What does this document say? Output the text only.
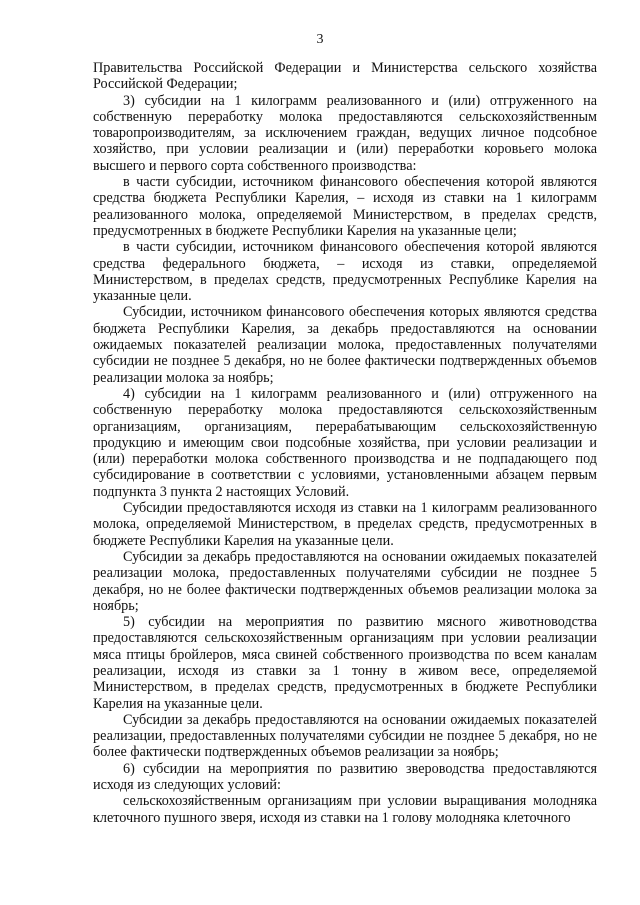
3

Правительства Российской Федерации и Министерства сельского хозяйства Российской Федерации;

3) субсидии на 1 килограмм реализованного и (или) отгруженного на собственную переработку молока предоставляются сельскохозяйственным товаропроизводителям, за исключением граждан, ведущих личное подсобное хозяйство, при условии реализации и (или) переработки коровьего молока высшего и первого сорта собственного производства:

в части субсидии, источником финансового обеспечения которой являются средства бюджета Республики Карелия, – исходя из ставки на 1 килограмм реализованного молока, определяемой Министерством, в пределах средств, предусмотренных в бюджете Республики Карелия на указанные цели;

в части субсидии, источником финансового обеспечения которой являются средства федерального бюджета, – исходя из ставки, определяемой Министерством, в пределах средств, предусмотренных Республике Карелия на указанные цели.

Субсидии, источником финансового обеспечения которых являются средства бюджета Республики Карелия, за декабрь предоставляются на основании ожидаемых показателей реализации молока, предоставленных получателями субсидии не позднее 5 декабря, но не более фактически подтвержденных объемов реализации молока за ноябрь;

4) субсидии на 1 килограмм реализованного и (или) отгруженного на собственную переработку молока предоставляются сельскохозяйственным организациям, организациям, перерабатывающим сельскохозяйственную продукцию и имеющим свои подсобные хозяйства, при условии реализации и (или) переработки молока собственного производства и не подпадающего под субсидирование в соответствии с условиями, установленными абзацем первым подпункта 3 пункта 2 настоящих Условий.

Субсидии предоставляются исходя из ставки на 1 килограмм реализованного молока, определяемой Министерством, в пределах средств, предусмотренных в бюджете Республики Карелия на указанные цели.

Субсидии за декабрь предоставляются на основании ожидаемых показателей реализации молока, предоставленных получателями субсидии не позднее 5 декабря, но не более фактически подтвержденных объемов реализации молока за ноябрь;

5) субсидии на мероприятия по развитию мясного животноводства предоставляются сельскохозяйственным организациям при условии реализации мяса птицы бройлеров, мяса свиней собственного производства по всем каналам реализации, исходя из ставки за 1 тонну в живом весе, определяемой Министерством, в пределах средств, предусмотренных в бюджете Республики Карелия на указанные цели.

Субсидии за декабрь предоставляются на основании ожидаемых показателей реализации, предоставленных получателями субсидии не позднее 5 декабря, но не более фактически подтвержденных объемов реализации за ноябрь;

6) субсидии на мероприятия по развитию звероводства предоставляются исходя из следующих условий:

сельскохозяйственным организациям при условии выращивания молодняка клеточного пушного зверя, исходя из ставки на 1 голову молодняка клеточного
